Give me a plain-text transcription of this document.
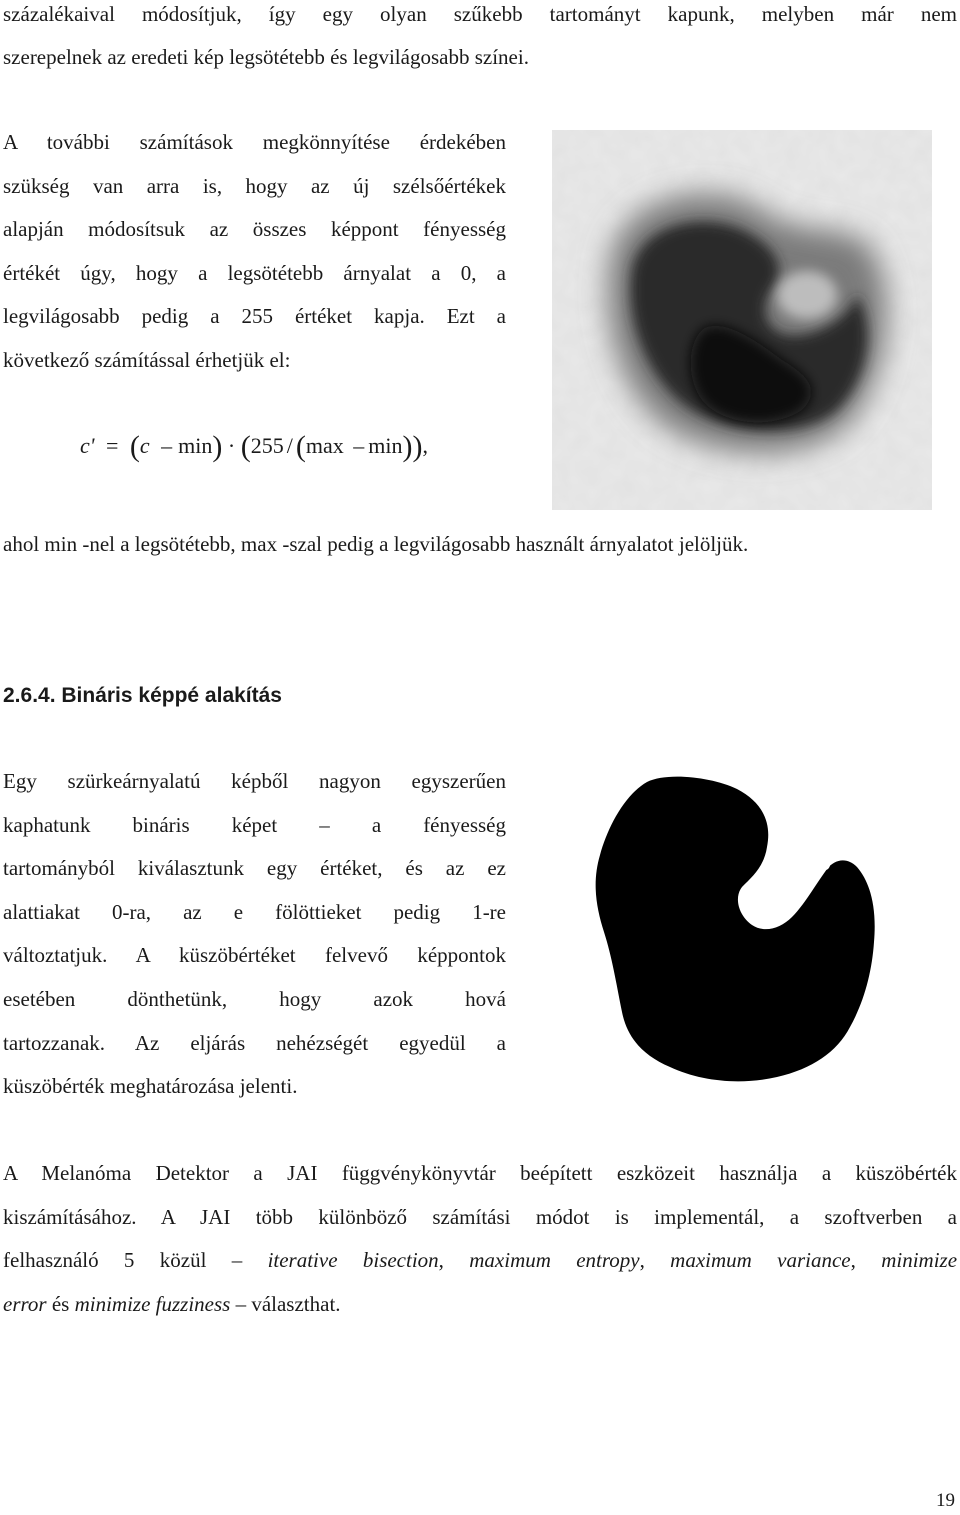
százalékaival módosítjuk, így egy olyan szűkebb tartományt kapunk, melyben már nem
szerepelnek az eredeti kép legsötétebb és legvilágosabb színei.
A további számítások megkönnyítése érdekében
szükség van arra is, hogy az új szélsőértékek
alapján módosítsuk az összes képpont fényesség
értékét úgy, hogy a legsötétebb árnyalat a 0, a
legvilágosabb pedig a 255 értéket kapja. Ezt a
következő számítással érhetjük el:
c' = (c – min) · (255 / (max – min)),
ahol min -nel a legsötétebb, max -szal pedig a legvilágosabb használt árnyalatot jelöljük.
2.6.4. Bináris képpé alakítás
Egy szürkeárnyalatú képből nagyon egyszerűen
kaphatunk bináris képet – a fényesség
tartományból kiválasztunk egy értéket, és az ez
alattiakat 0-ra, az e fölöttieket pedig 1-re
változtatjuk. A küszöbértéket felvevő képpontok
esetében dönthetünk, hogy azok hová
tartozzanak. Az eljárás nehézségét egyedül a
küszöbérték meghatározása jelenti.
A Melanóma Detektor a JAI függvénykönyvtár beépített eszközeit használja a küszöbérték
kiszámításához. A JAI több különböző számítási módot is implementál, a szoftverben a
felhasználó 5 közül – iterative bisection, maximum entropy, maximum variance, minimize
error és minimize fuzziness – választhat.
19
